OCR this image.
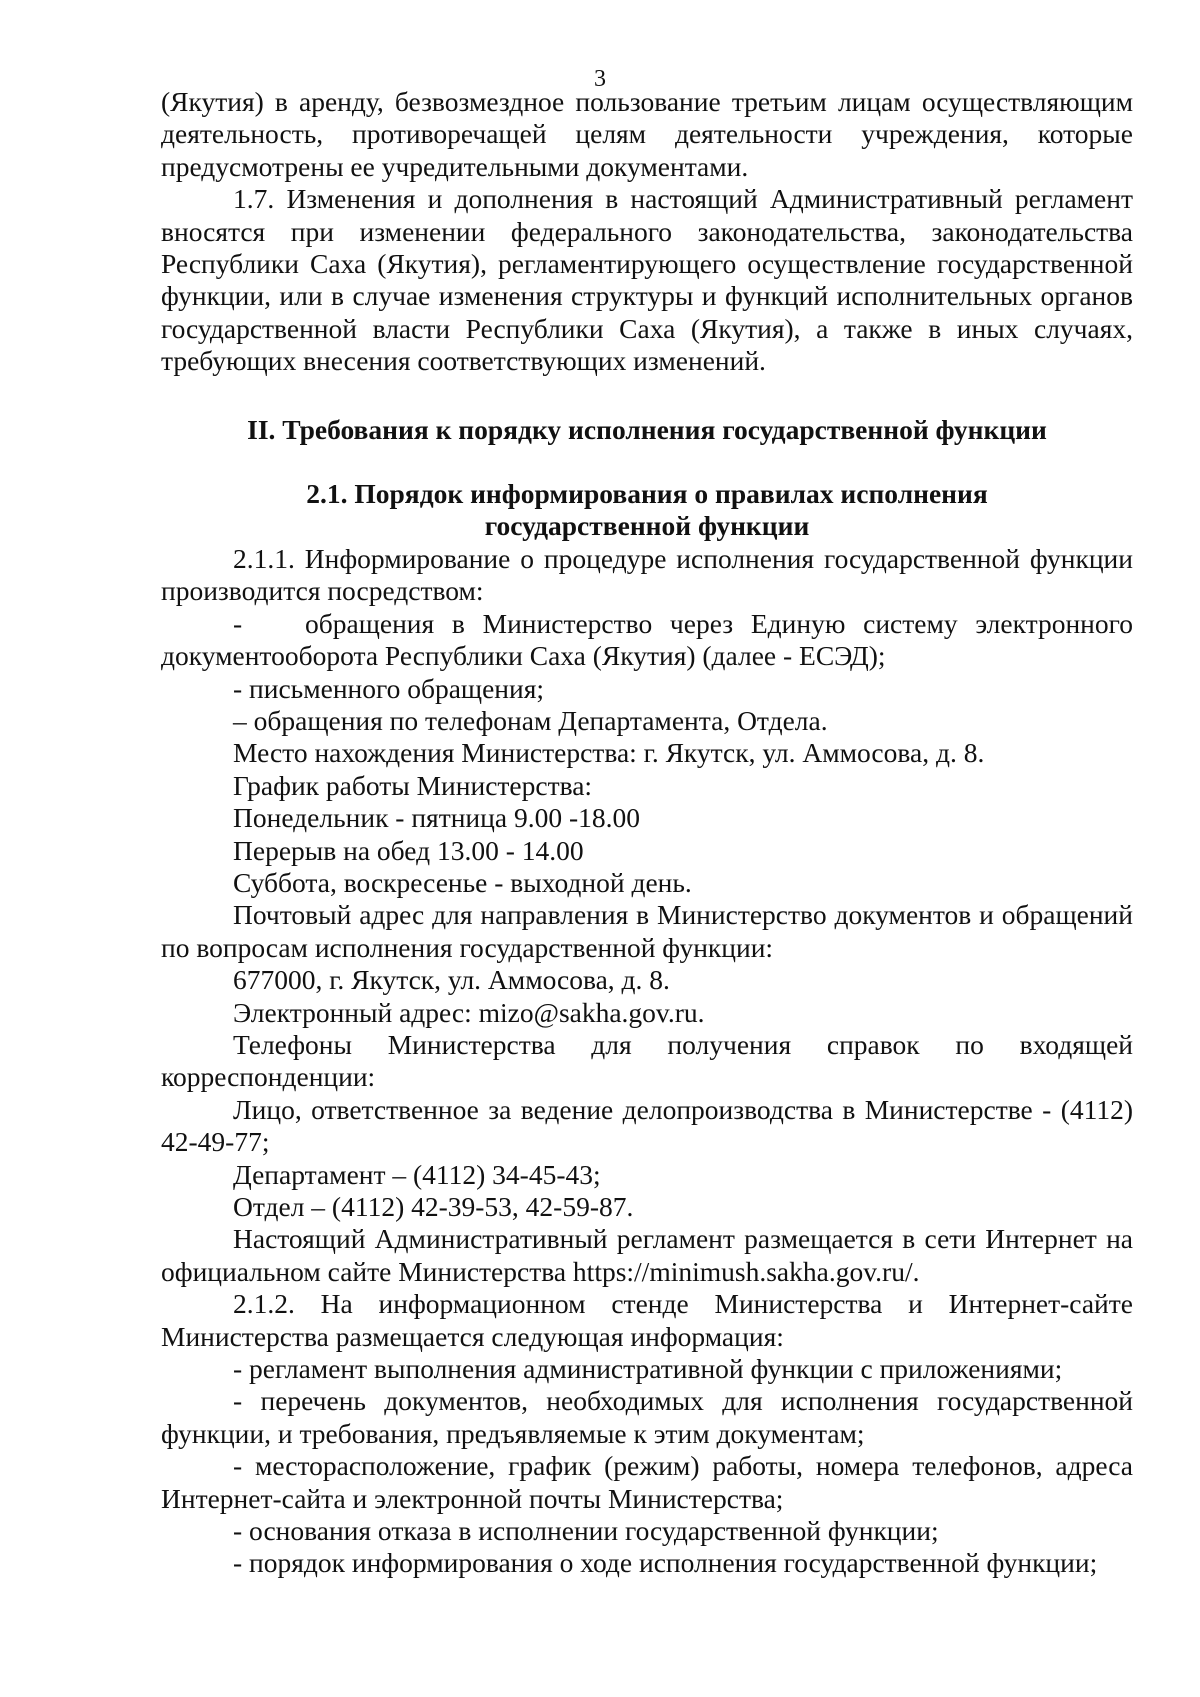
3

(Якутия) в аренду, безвозмездное пользование третьим лицам осуществляющим деятельность, противоречащей целям деятельности учреждения, которые предусмотрены ее учредительными документами.

1.7. Изменения и дополнения в настоящий Административный регламент вносятся при изменении федерального законодательства, законодательства Республики Саха (Якутия), регламентирующего осуществление государственной функции, или в случае изменения структуры и функций исполнительных органов государственной власти Республики Саха (Якутия), а также в иных случаях, требующих внесения соответствующих изменений.

II. Требования к порядку исполнения государственной функции

2.1. Порядок информирования о правилах исполнения

государственной функции

2.1.1. Информирование о процедуре исполнения государственной функции производится посредством:

- обращения в Министерство через Единую систему электронного документооборота Республики Саха (Якутия) (далее - ЕСЭД);

- письменного обращения;

– обращения по телефонам Департамента, Отдела.

Место нахождения Министерства: г. Якутск, ул. Аммосова, д. 8.

График работы Министерства:

Понедельник - пятница 9.00 -18.00

Перерыв на обед 13.00 - 14.00

Суббота, воскресенье - выходной день.

Почтовый адрес для направления в Министерство документов и обращений по вопросам исполнения государственной функции:

677000, г. Якутск, ул. Аммосова, д. 8.

Электронный адрес: mizo@sakha.gov.ru.

Телефоны Министерства для получения справок по входящей корреспонденции:

Лицо, ответственное за ведение делопроизводства в Министерстве - (4112) 42-49-77;

Департамент – (4112) 34-45-43;

Отдел – (4112) 42-39-53, 42-59-87.

Настоящий Административный регламент размещается в сети Интернет на официальном сайте Министерства https://minimush.sakha.gov.ru/.

2.1.2. На информационном стенде Министерства и Интернет-сайте Министерства размещается следующая информация:

- регламент выполнения административной функции с приложениями;

- перечень документов, необходимых для исполнения государственной функции, и требования, предъявляемые к этим документам;

- месторасположение, график (режим) работы, номера телефонов, адреса Интернет-сайта и электронной почты Министерства;

- основания отказа в исполнении государственной функции;

- порядок информирования о ходе исполнения государственной функции;
